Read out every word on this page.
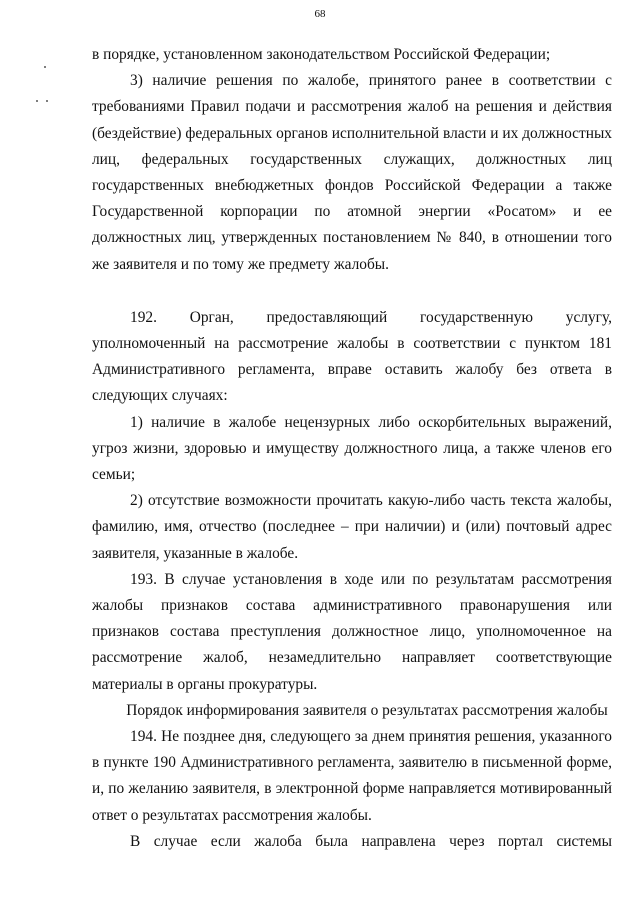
68

в порядке, установленном законодательством Российской Федерации;

3) наличие решения по жалобе, принятого ранее в соответствии с требованиями Правил подачи и рассмотрения жалоб на решения и действия (бездействие) федеральных органов исполнительной власти и их должностных лиц, федеральных государственных служащих, должностных лиц государственных внебюджетных фондов Российской Федерации а также Государственной корпорации по атомной энергии «Росатом» и ее должностных лиц, утвержденных постановлением № 840, в отношении того же заявителя и по тому же предмету жалобы.

192. Орган, предоставляющий государственную услугу, уполномоченный на рассмотрение жалобы в соответствии с пунктом 181 Административного регламента, вправе оставить жалобу без ответа в следующих случаях:

1) наличие в жалобе нецензурных либо оскорбительных выражений, угроз жизни, здоровью и имуществу должностного лица, а также членов его семьи;

2) отсутствие возможности прочитать какую-либо часть текста жалобы, фамилию, имя, отчество (последнее – при наличии) и (или) почтовый адрес заявителя, указанные в жалобе.

193. В случае установления в ходе или по результатам рассмотрения жалобы признаков состава административного правонарушения или признаков состава преступления должностное лицо, уполномоченное на рассмотрение жалоб, незамедлительно направляет соответствующие материалы в органы прокуратуры.

Порядок информирования заявителя о результатах рассмотрения жалобы

194. Не позднее дня, следующего за днем принятия решения, указанного в пункте 190 Административного регламента, заявителю в письменной форме, и, по желанию заявителя, в электронной форме направляется мотивированный ответ о результатах рассмотрения жалобы.

В случае если жалоба была направлена через портал системы
